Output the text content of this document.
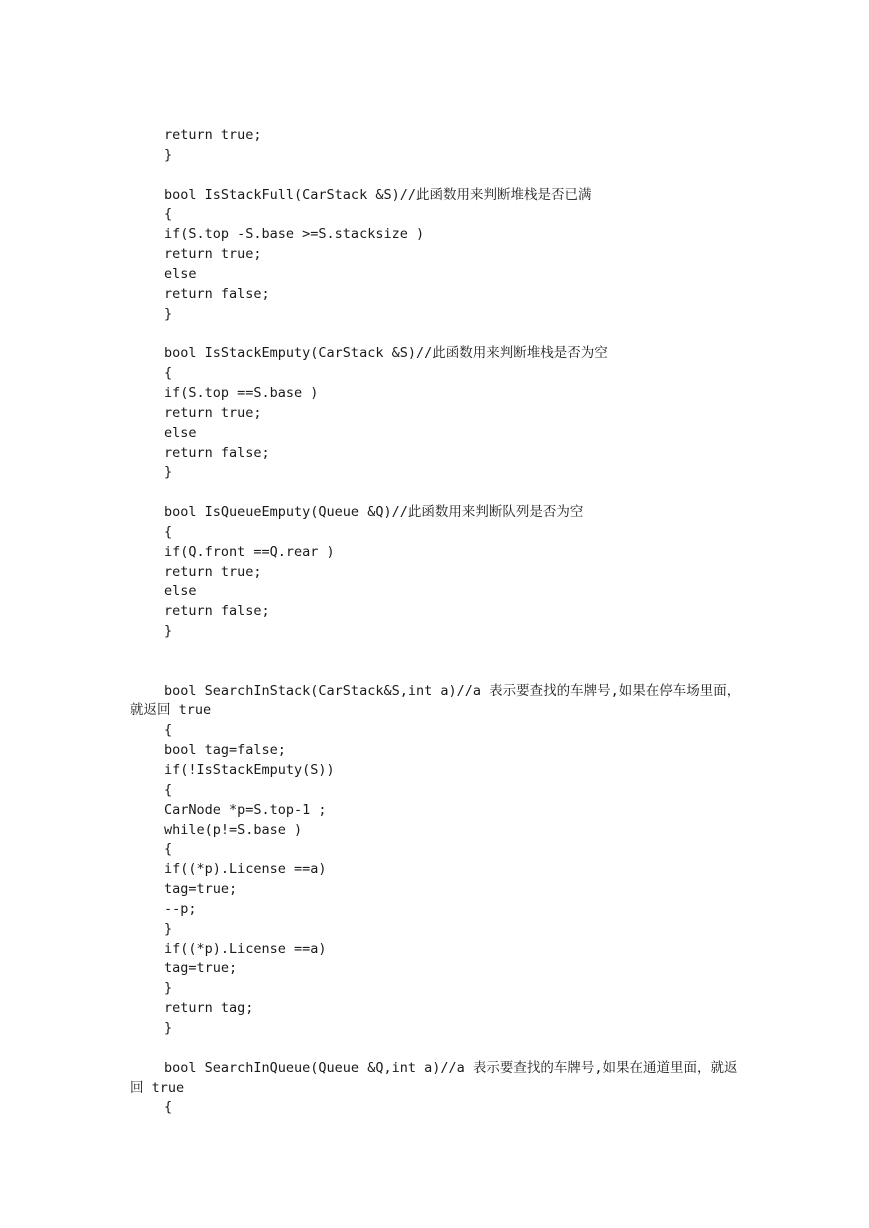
return true;
}
bool IsStackFull(CarStack &S)//此函数用来判断堆栈是否已满
{
if(S.top -S.base >=S.stacksize )
return true;
else
return false;
}
bool IsStackEmputy(CarStack &S)//此函数用来判断堆栈是否为空
{
if(S.top ==S.base )
return true;
else
return false;
}
bool IsQueueEmputy(Queue &Q)//此函数用来判断队列是否为空
{
if(Q.front ==Q.rear )
return true;
else
return false;
}
bool SearchInStack(CarStack&S,int a)//a 表示要查找的车牌号,如果在停车场里面，就返回 true
{
bool tag=false;
if(!IsStackEmputy(S))
{
CarNode *p=S.top-1 ;
while(p!=S.base )
{
if((*p).License ==a)
tag=true;
--p;
}
if((*p).License ==a)
tag=true;
}
return tag;
}
bool SearchInQueue(Queue &Q,int a)//a 表示要查找的车牌号,如果在通道里面，就返回 true
{
